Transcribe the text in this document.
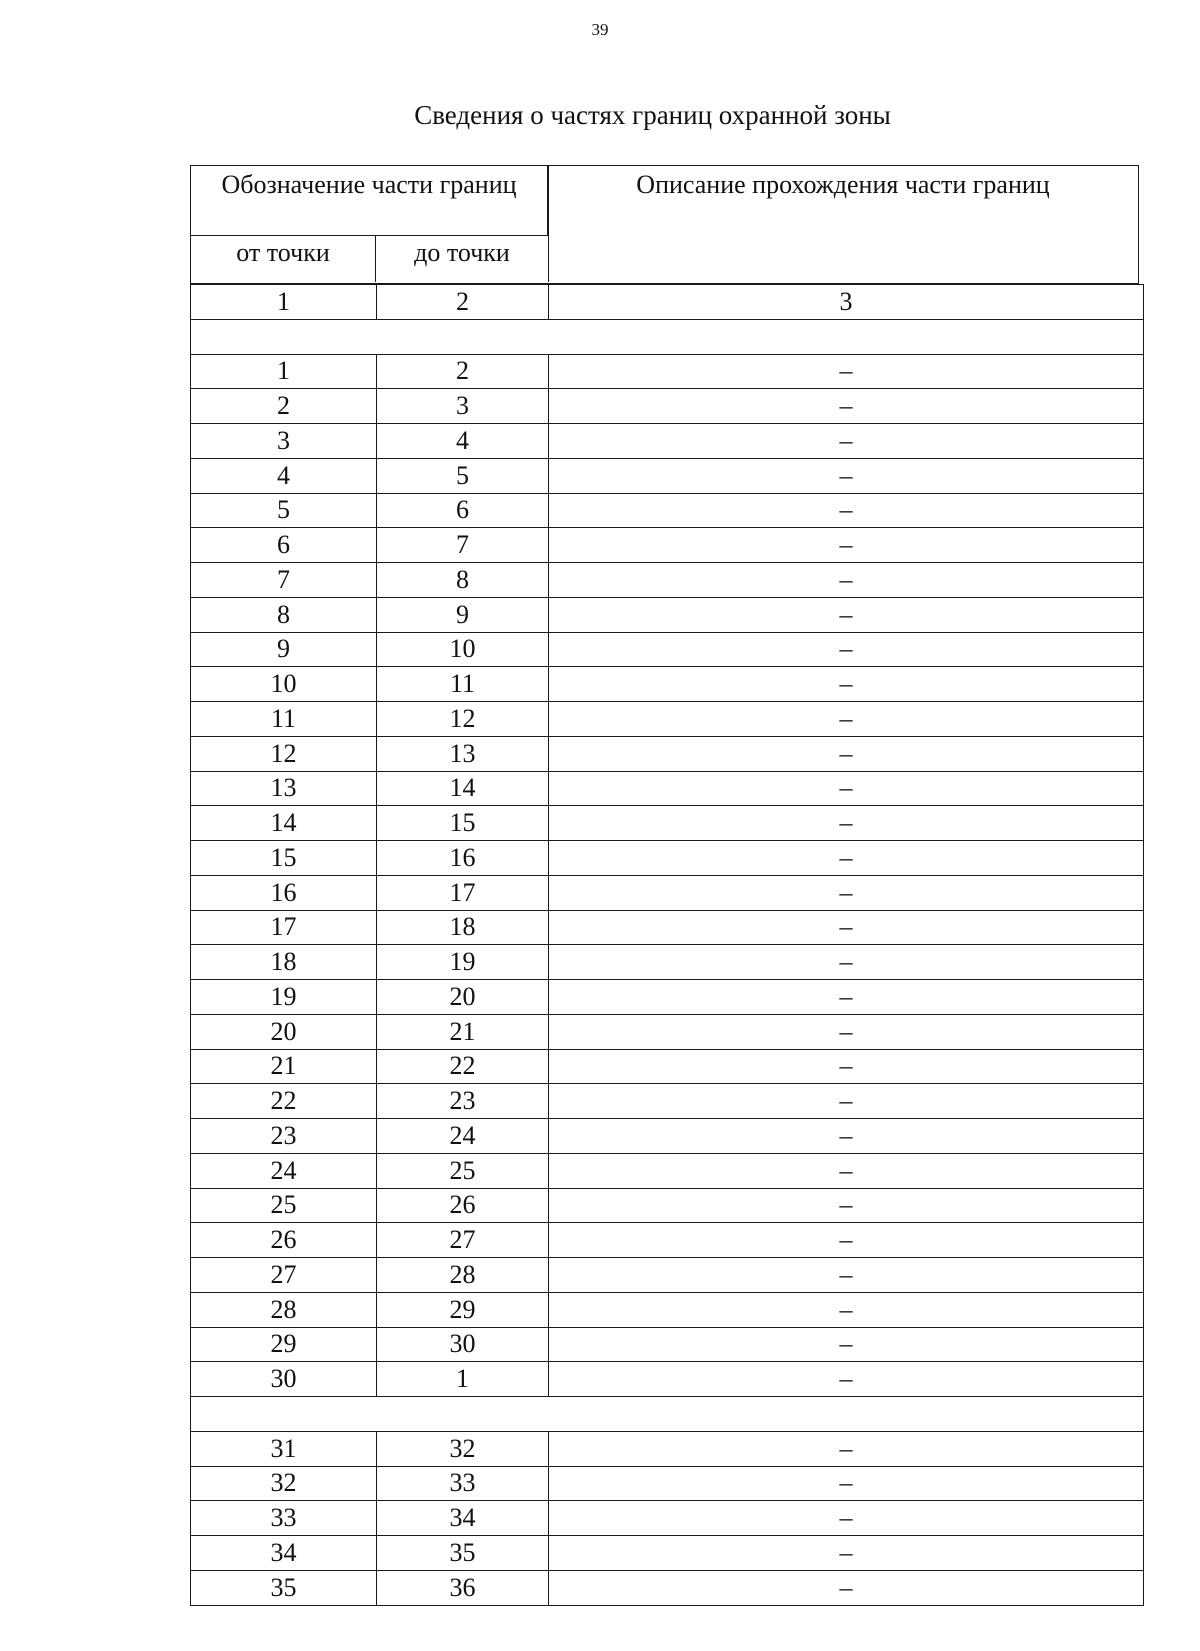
39
Сведения о частях границ охранной зоны
Обозначение части границ	Описание прохождения части границ
от точки	до точки
1	2	3

1	2	–
2	3	–
3	4	–
4	5	–
5	6	–
6	7	–
7	8	–
8	9	–
9	10	–
10	11	–
11	12	–
12	13	–
13	14	–
14	15	–
15	16	–
16	17	–
17	18	–
18	19	–
19	20	–
20	21	–
21	22	–
22	23	–
23	24	–
24	25	–
25	26	–
26	27	–
27	28	–
28	29	–
29	30	–
30	1	–

31	32	–
32	33	–
33	34	–
34	35	–
35	36	–
